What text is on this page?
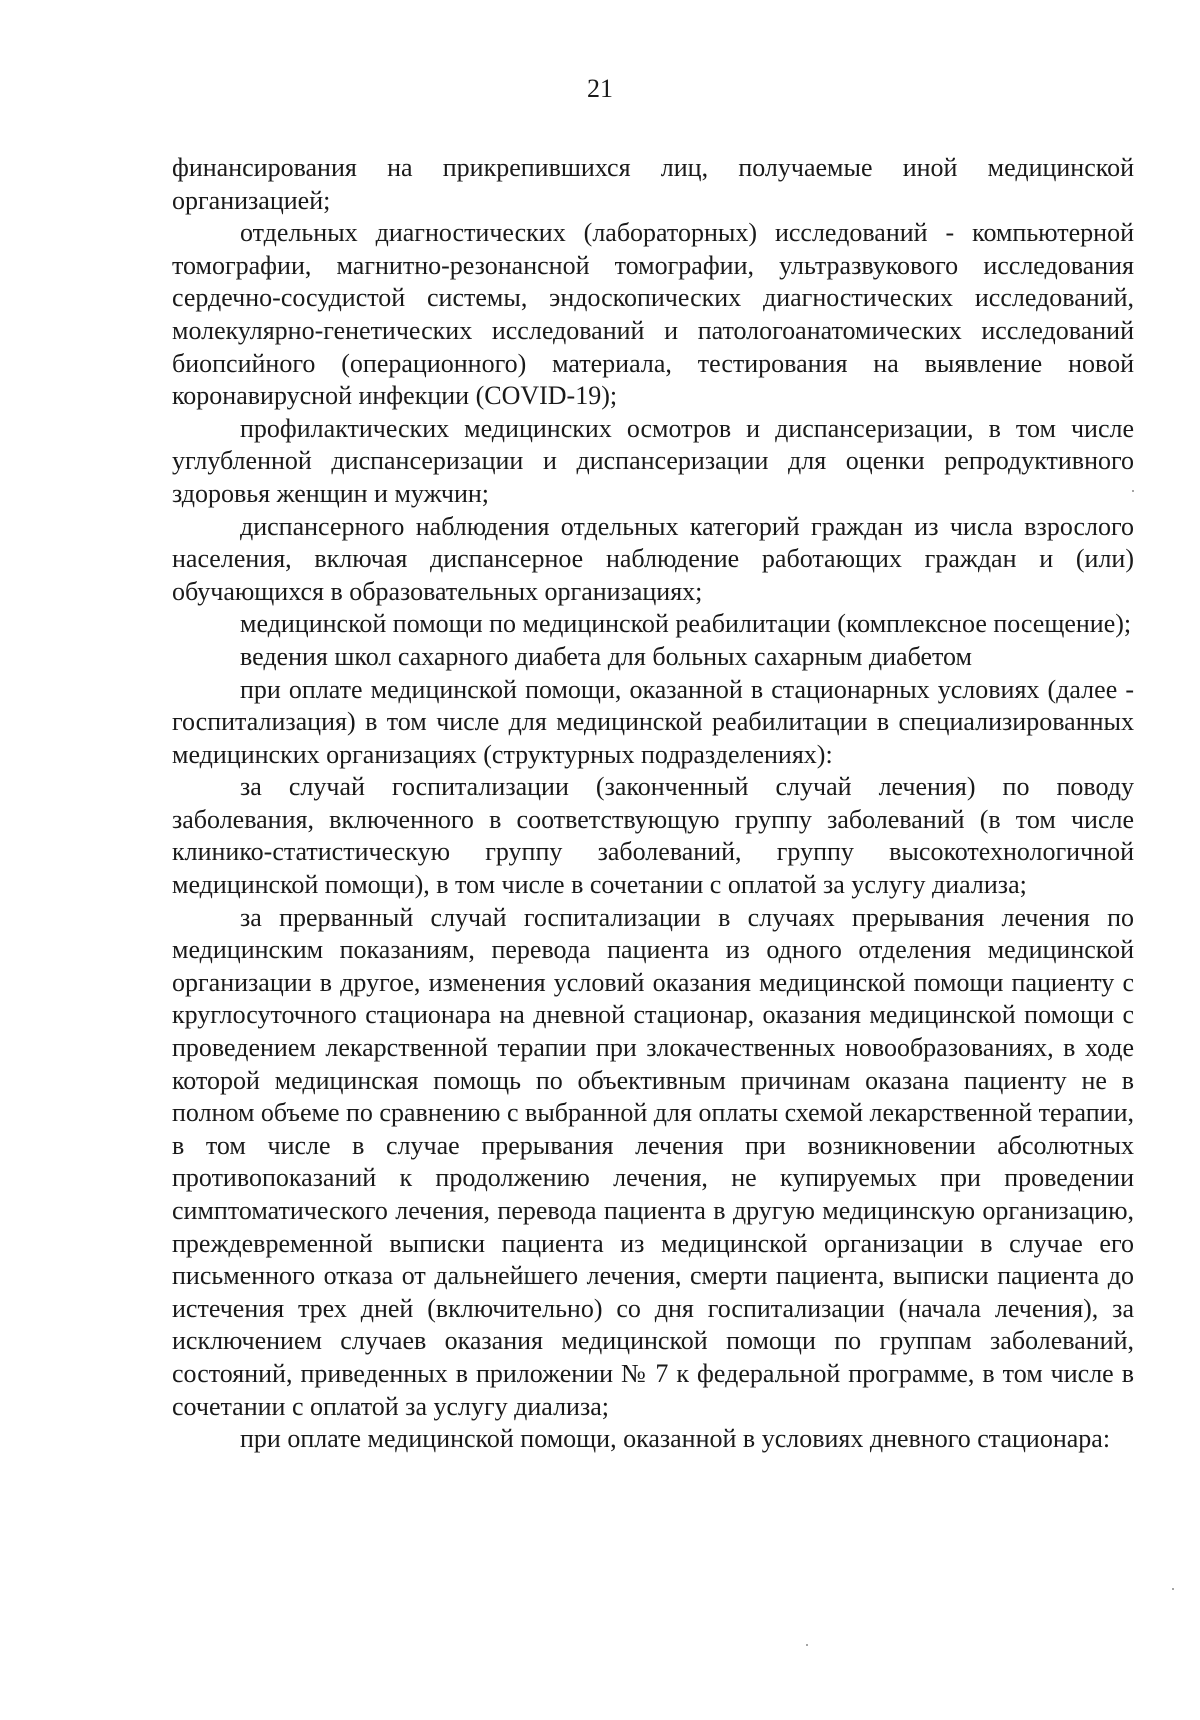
21

финансирования на прикрепившихся лиц, получаемые иной медицинской организацией;

отдельных диагностических (лабораторных) исследований - компьютерной томографии, магнитно-резонансной томографии, ультразвукового исследования сердечно-сосудистой системы, эндоскопических диагностических исследований, молекулярно-генетических исследований и патологоанатомических исследований биопсийного (операционного) материала, тестирования на выявление новой коронавирусной инфекции (COVID-19);

профилактических медицинских осмотров и диспансеризации, в том числе углубленной диспансеризации и диспансеризации для оценки репродуктивного здоровья женщин и мужчин;

диспансерного наблюдения отдельных категорий граждан из числа взрослого населения, включая диспансерное наблюдение работающих граждан и (или) обучающихся в образовательных организациях;

медицинской помощи по медицинской реабилитации (комплексное посещение);

ведения школ сахарного диабета для больных сахарным диабетом

при оплате медицинской помощи, оказанной в стационарных условиях (далее - госпитализация) в том числе для медицинской реабилитации в специализированных медицинских организациях (структурных подразделениях):

за случай госпитализации (законченный случай лечения) по поводу заболевания, включенного в соответствующую группу заболеваний (в том числе клинико-статистическую группу заболеваний, группу высокотехнологичной медицинской помощи), в том числе в сочетании с оплатой за услугу диализа;

за прерванный случай госпитализации в случаях прерывания лечения по медицинским показаниям, перевода пациента из одного отделения медицинской организации в другое, изменения условий оказания медицинской помощи пациенту с круглосуточного стационара на дневной стационар, оказания медицинской помощи с проведением лекарственной терапии при злокачественных новообразованиях, в ходе которой медицинская помощь по объективным причинам оказана пациенту не в полном объеме по сравнению с выбранной для оплаты схемой лекарственной терапии, в том числе в случае прерывания лечения при возникновении абсолютных противопоказаний к продолжению лечения, не купируемых при проведении симптоматического лечения, перевода пациента в другую медицинскую организацию, преждевременной выписки пациента из медицинской организации в случае его письменного отказа от дальнейшего лечения, смерти пациента, выписки пациента до истечения трех дней (включительно) со дня госпитализации (начала лечения), за исключением случаев оказания медицинской помощи по группам заболеваний, состояний, приведенных в приложении № 7 к федеральной программе, в том числе в сочетании с оплатой за услугу диализа;

при оплате медицинской помощи, оказанной в условиях дневного стационара:
